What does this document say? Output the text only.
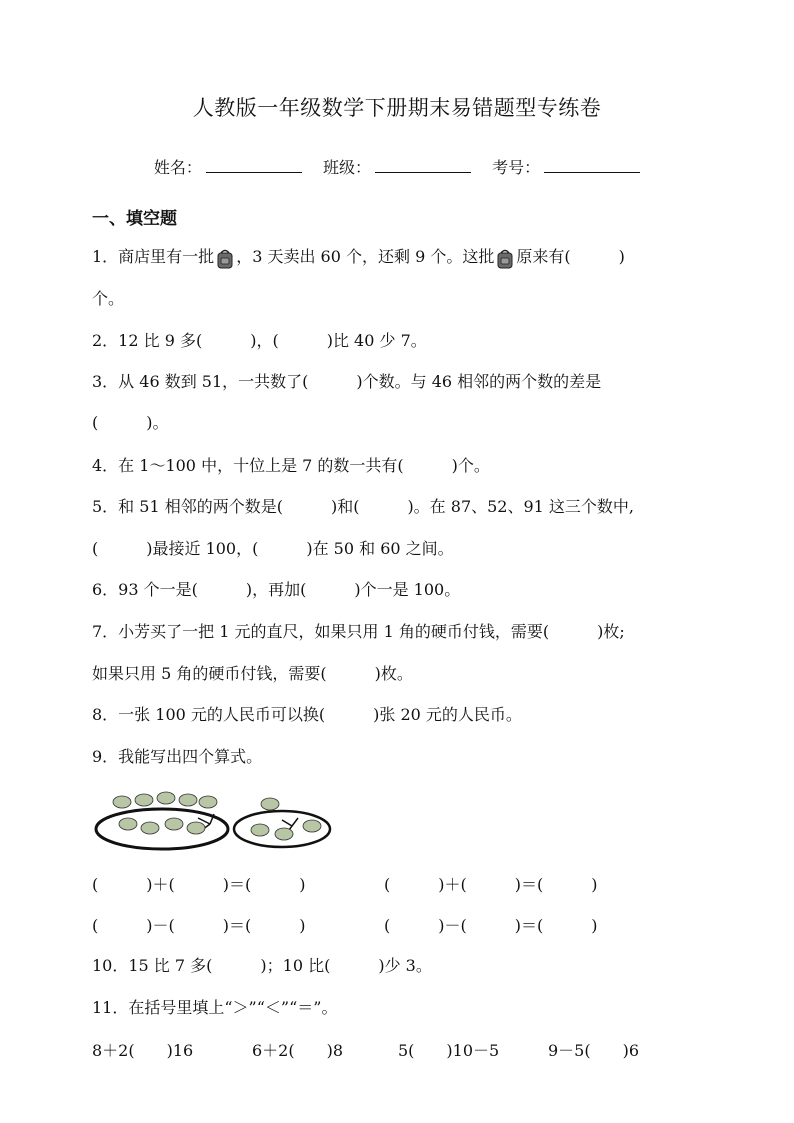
人教版一年级数学下册期末易错题型专练卷
姓名：	班级：	考号：
一、填空题
1．商店里有一批 ，3 天卖出 60 个，还剩 9 个。这批 原来有(　　　)
个。
2．12 比 9 多(　　　)，(　　　)比 40 少 7。
3．从 46 数到 51，一共数了(　　　)个数。与 46 相邻的两个数的差是
(　　　)。
4．在 1～100 中，十位上是 7 的数一共有(　　　)个。
5．和 51 相邻的两个数是(　　　)和(　　　)。在 87、52、91 这三个数中,
(　　　)最接近 100，(　　　)在 50 和 60 之间。
6．93 个一是(　　　)，再加(　　　)个一是 100。
7．小芳买了一把 1 元的直尺，如果只用 1 角的硬币付钱，需要(　　　)枚;
如果只用 5 角的硬币付钱，需要(　　　)枚。
8．一张 100 元的人民币可以换(　　　)张 20 元的人民币。
9．我能写出四个算式。
(　　　)＋(　　　)＝(　　　)	(　　　)＋(　　　)＝(　　　)
(　　　)－(　　　)＝(　　　)	(　　　)－(　　　)＝(　　　)
10．15 比 7 多(　　　)；10 比(　　　)少 3。
11．在括号里填上“＞”“＜”“＝”。
8＋2(　　)16	6＋2(　　)8	5(　　)10－5	9－5(　　)6
